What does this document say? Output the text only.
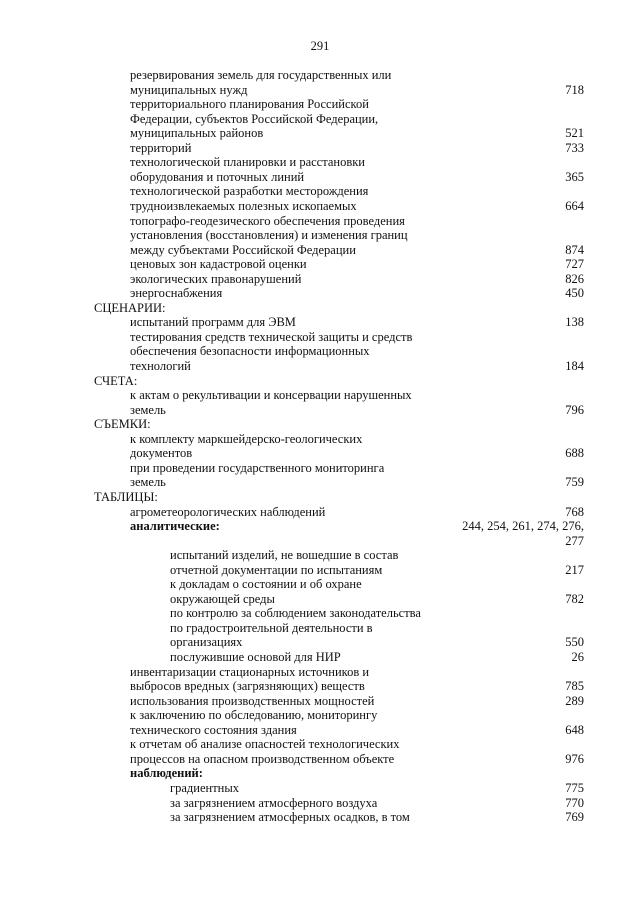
291
резервирования земель для государственных или
муниципальных нужд	718
территориального планирования Российской
Федерации, субъектов Российской Федерации,
муниципальных районов	521
территорий	733
технологической планировки и расстановки
оборудования и поточных линий	365
технологической разработки месторождения
трудноизвлекаемых полезных ископаемых	664
топографо-геодезического обеспечения проведения
установления (восстановления) и изменения границ
между субъектами Российской Федерации	874
ценовых зон кадастровой оценки	727
экологических правонарушений	826
энергоснабжения	450
СЦЕНАРИИ:
испытаний программ для ЭВМ	138
тестирования средств технической защиты и средств
обеспечения безопасности информационных
технологий	184
СЧЕТА:
к актам о рекультивации и консервации нарушенных
земель	796
СЪЕМКИ:
к комплекту маркшейдерско-геологических
документов	688
при проведении государственного мониторинга
земель	759
ТАБЛИЦЫ:
агрометеорологических наблюдений	768
аналитические:	244, 254, 261, 274, 276,
277
испытаний изделий, не вошедшие в состав
отчетной документации по испытаниям	217
к докладам о состоянии и об охране
окружающей среды	782
по контролю за соблюдением законодательства
по градостроительной деятельности в
организациях	550
послужившие основой для НИР	26
инвентаризации стационарных источников и
выбросов вредных (загрязняющих) веществ	785
использования производственных мощностей	289
к заключению по обследованию, мониторингу
технического состояния здания	648
к отчетам об анализе опасностей технологических
процессов на опасном производственном объекте	976
наблюдений:
градиентных	775
за загрязнением атмосферного воздуха	770
за загрязнением атмосферных осадков, в том	769
